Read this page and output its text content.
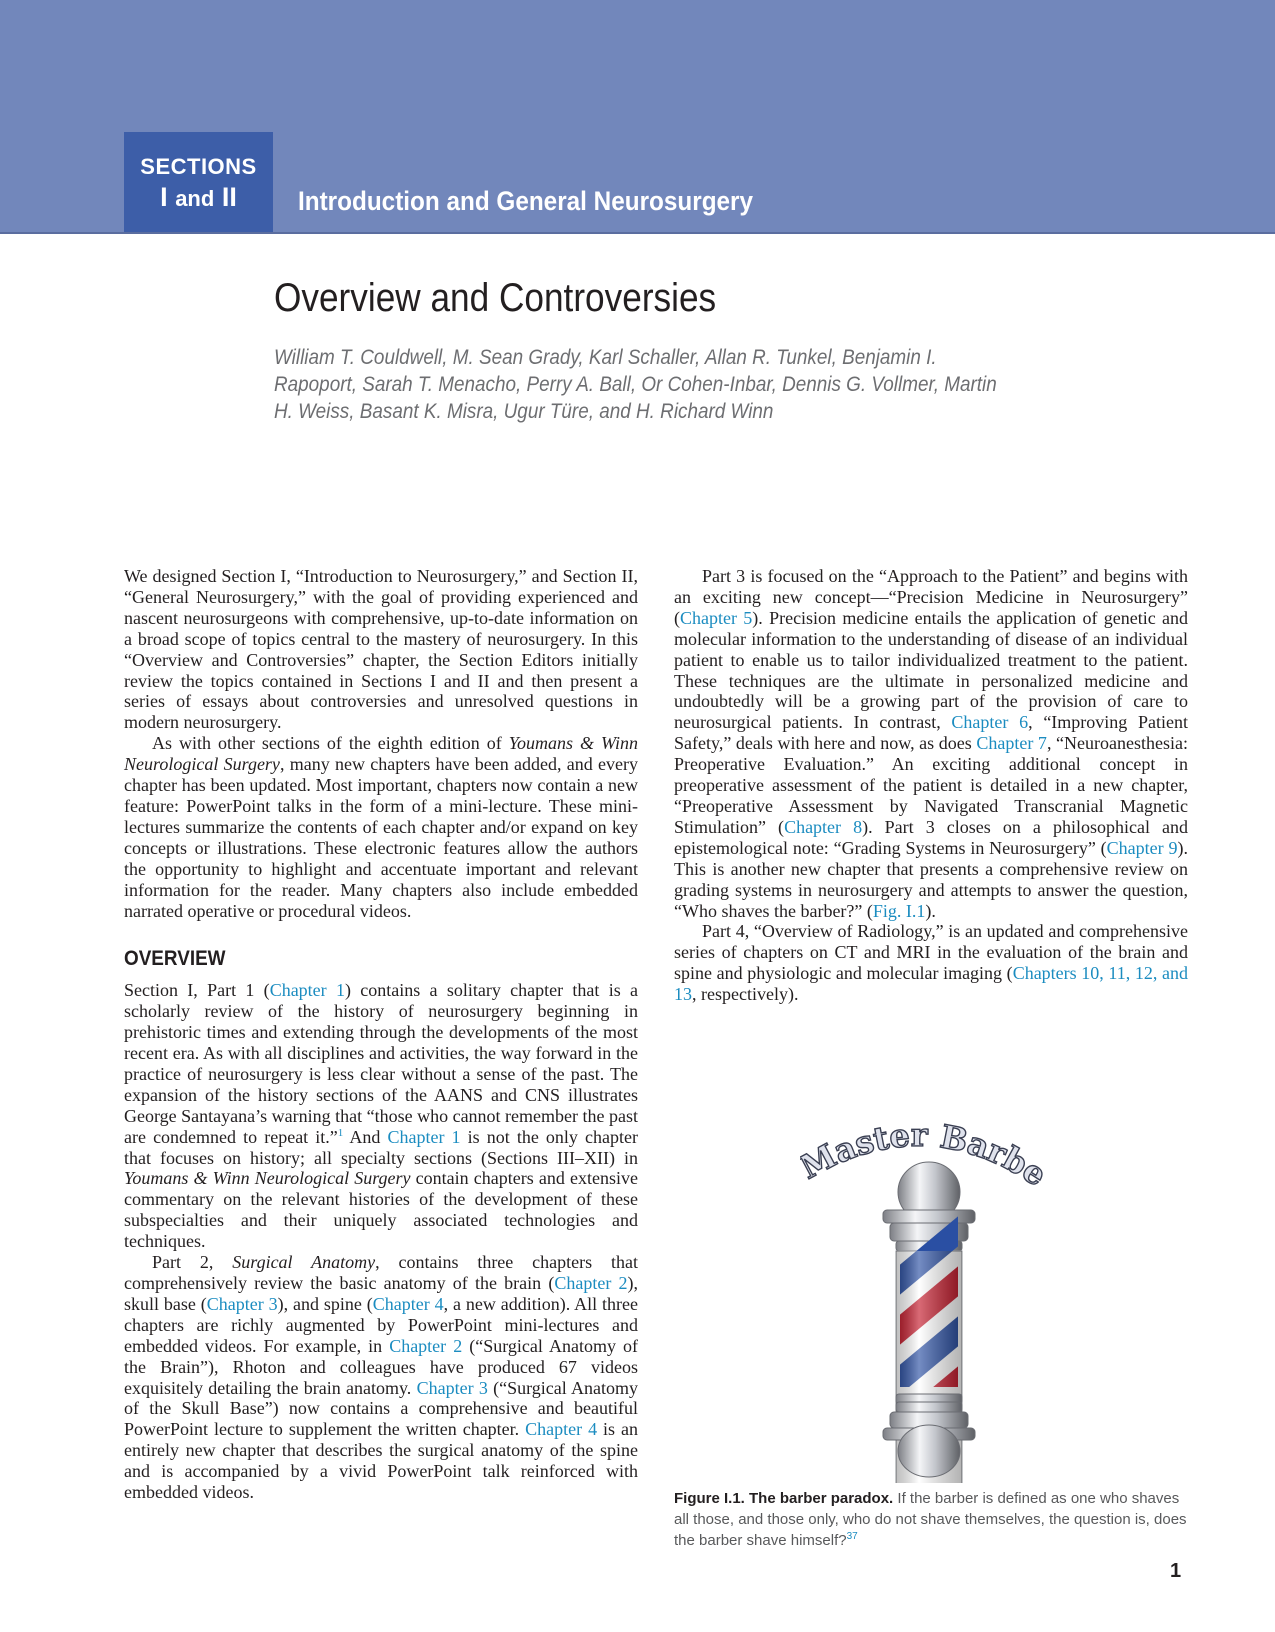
SECTIONS
I and II	Introduction and General Neurosurgery
Overview and Controversies

William T. Couldwell, M. Sean Grady, Karl Schaller, Allan R. Tunkel, Benjamin I. Rapoport, Sarah T. Menacho, Perry A. Ball, Or Cohen-Inbar, Dennis G. Vollmer, Martin H. Weiss, Basant K. Misra, Ugur Türe, and H. Richard Winn

We designed Section I, “Introduction to Neurosurgery,” and Section II, “General Neurosurgery,” with the goal of providing experienced and nascent neurosurgeons with comprehensive, up-to-date information on a broad scope of topics central to the mastery of neurosurgery. In this “Overview and Controversies” chapter, the Section Editors initially review the topics contained in Sections I and II and then present a series of essays about controversies and unresolved questions in modern neurosurgery.

As with other sections of the eighth edition of Youmans & Winn Neurological Surgery, many new chapters have been added, and every chapter has been updated. Most important, chapters now contain a new feature: PowerPoint talks in the form of a mini-lecture. These mini-lectures summarize the contents of each chapter and/or expand on key concepts or illustrations. These electronic features allow the authors the opportunity to highlight and accentuate important and relevant information for the reader. Many chapters also include embedded narrated operative or procedural videos.

OVERVIEW

Section I, Part 1 (Chapter 1) contains a solitary chapter that is a scholarly review of the history of neurosurgery beginning in prehistoric times and extending through the developments of the most recent era. As with all disciplines and activities, the way forward in the practice of neurosurgery is less clear without a sense of the past. The expansion of the history sections of the AANS and CNS illustrates George Santayana’s warning that “those who cannot remember the past are condemned to repeat it.”$^1$ And Chapter 1 is not the only chapter that focuses on history; all specialty sections (Sections III–XII) in Youmans & Winn Neurological Surgery contain chapters and extensive commentary on the relevant histories of the development of these subspecialties and their uniquely associated technologies and techniques.

Part 2, Surgical Anatomy, contains three chapters that comprehensively review the basic anatomy of the brain (Chapter 2), skull base (Chapter 3), and spine (Chapter 4, a new addition). All three chapters are richly augmented by PowerPoint mini-lectures and embedded videos. For example, in Chapter 2 (“Surgical Anatomy of the Brain”), Rhoton and colleagues have produced 67 videos exquisitely detailing the brain anatomy. Chapter 3 (“Surgical Anatomy of the Skull Base”) now contains a comprehensive and beautiful PowerPoint lecture to supplement the written chapter. Chapter 4 is an entirely new chapter that describes the surgical anatomy of the spine and is accompanied by a vivid PowerPoint talk reinforced with embedded videos.

Part 3 is focused on the “Approach to the Patient” and begins with an exciting new concept—“Precision Medicine in Neurosurgery” (Chapter 5). Precision medicine entails the application of genetic and molecular information to the understanding of disease of an individual patient to enable us to tailor individualized treatment to the patient. These techniques are the ultimate in personalized medicine and undoubtedly will be a growing part of the provision of care to neurosurgical patients. In contrast, Chapter 6, “Improving Patient Safety,” deals with here and now, as does Chapter 7, “Neuroanesthesia: Preoperative Evaluation.” An exciting additional concept in preoperative assessment of the patient is detailed in a new chapter, “Preoperative Assessment by Navigated Transcranial Magnetic Stimulation” (Chapter 8). Part 3 closes on a philosophical and epistemological note: “Grading Systems in Neurosurgery” (Chapter 9). This is another new chapter that presents a comprehensive review on grading systems in neurosurgery and attempts to answer the question, “Who shaves the barber?” (Fig. I.1).

Part 4, “Overview of Radiology,” is an updated and comprehensive series of chapters on CT and MRI in the evaluation of the brain and spine and physiologic and molecular imaging (Chapters 10, 11, 12, and 13, respectively).

aster Barbe
Figure I.1. The barber paradox. If the barber is defined as one who shaves all those, and those only, who do not shave themselves, the question is, does the barber shave himself?$^{37}$
1
